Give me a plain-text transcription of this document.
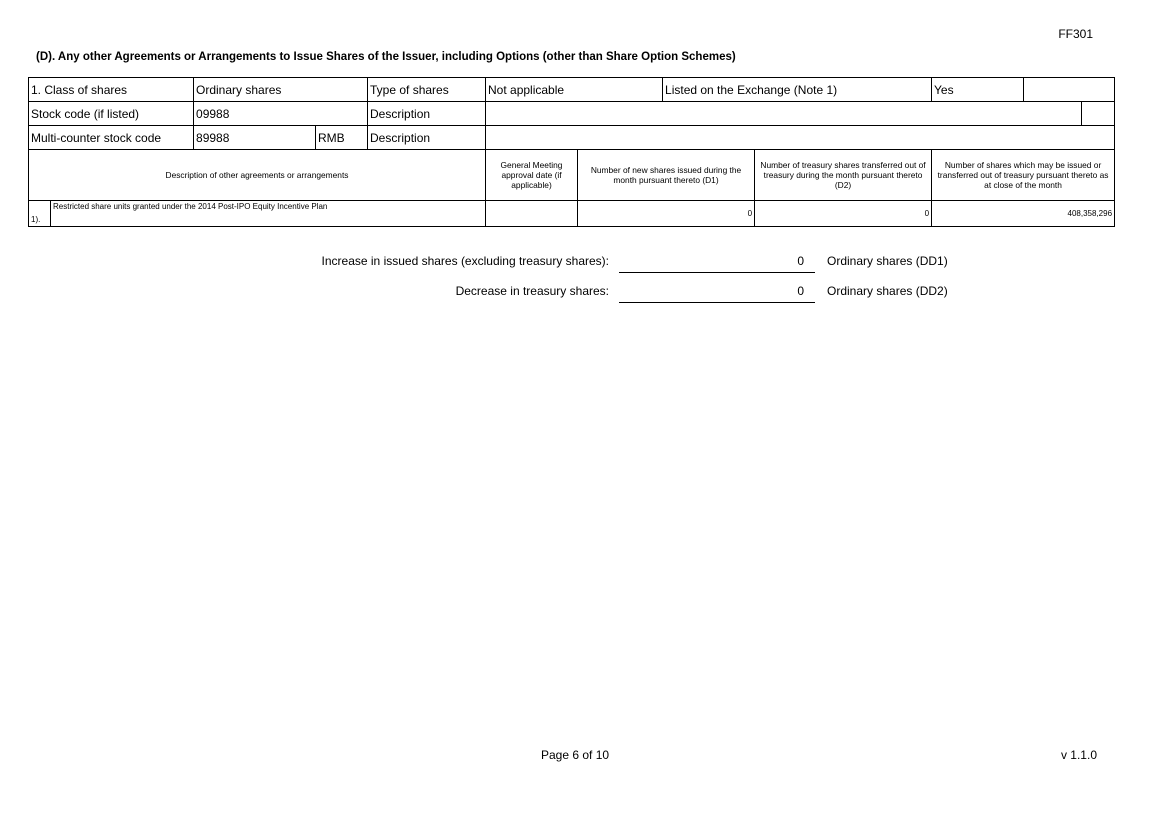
FF301
(D). Any other Agreements or Arrangements to Issue Shares of the Issuer, including Options (other than Share Option Schemes)
1. Class of shares		Ordinary shares		Type of shares	Not applicable		Listed on the Exchange (Note 1)		Yes		
Stock code (if listed)		09988		Description							
Multi-counter stock code		89988	RMB	Description							
Description of other agreements or arrangements					General Meeting approval date (if applicable)	Number of new shares issued during the month pursuant thereto (D1)		Number of treasury shares transferred out of treasury during the month pursuant thereto (D2)	Number of shares which may be issued or transferred out of treasury pursuant thereto as at close of the month		
1).	Restricted share units granted under the 2014 Post-IPO Equity Incentive Plan					0		0	408,358,296		
Increase in issued shares (excluding treasury shares):	0 Ordinary shares (DD1)
Decrease in treasury shares:	0 Ordinary shares (DD2)
Page 6 of 10	v 1.1.0
